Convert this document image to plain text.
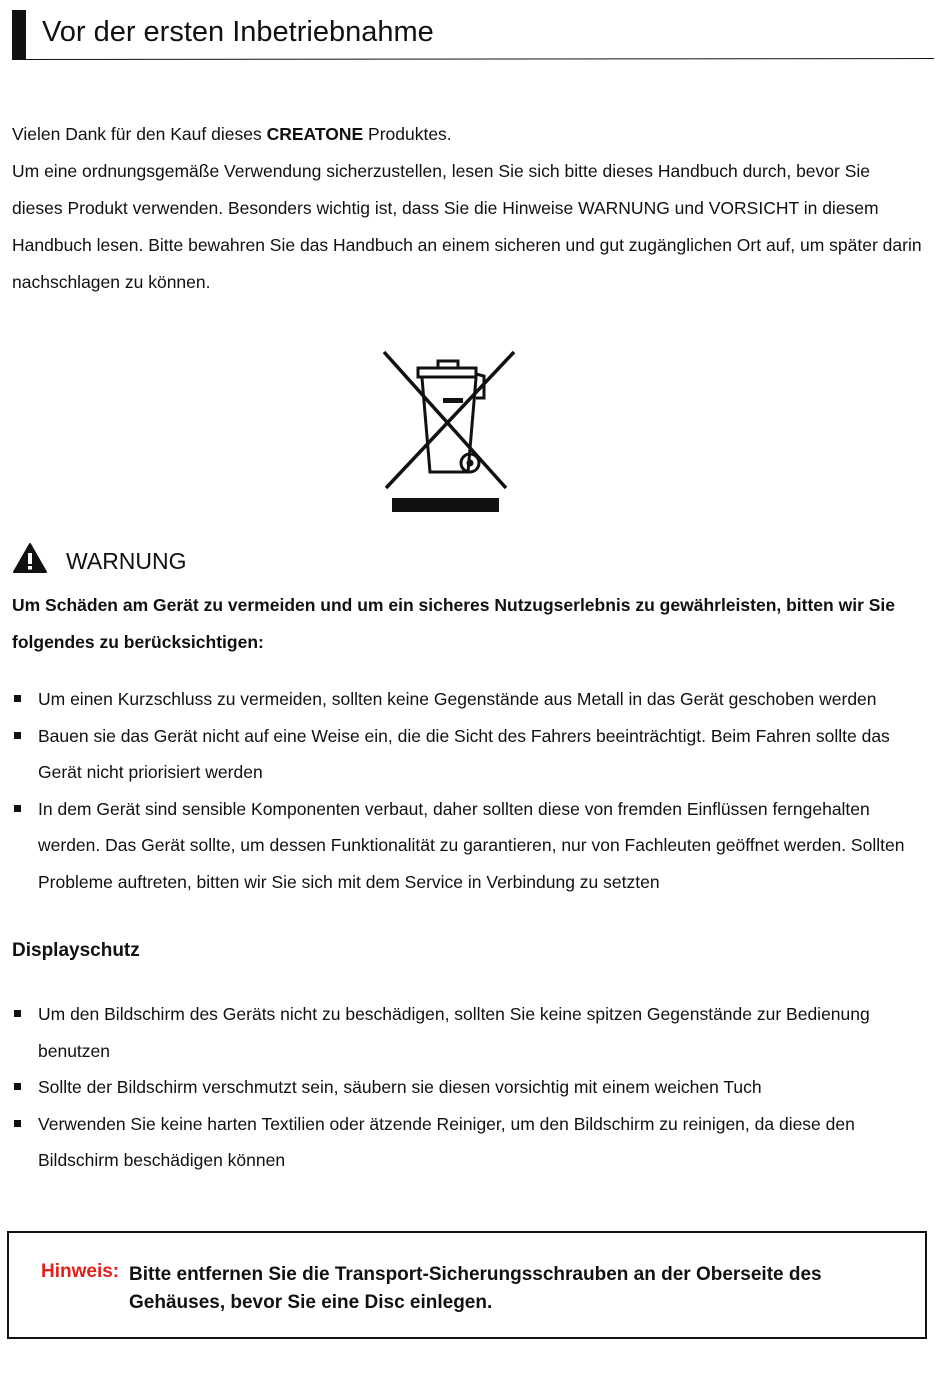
Vor der ersten Inbetriebnahme

Vielen Dank für den Kauf dieses CREATONE Produktes.

Um eine ordnungsgemäße Verwendung sicherzustellen, lesen Sie sich bitte dieses Handbuch durch, bevor Sie dieses Produkt verwenden. Besonders wichtig ist, dass Sie die Hinweise WARNUNG und VORSICHT in diesem Handbuch lesen. Bitte bewahren Sie das Handbuch an einem sicheren und gut zugänglichen Ort auf, um später darin nachschlagen zu können.

WARNUNG
Um Schäden am Gerät zu vermeiden und um ein sicheres Nutzugserlebnis zu gewährleisten, bitten wir Sie folgendes zu berücksichtigen:
Um einen Kurzschluss zu vermeiden, sollten keine Gegenstände aus Metall in das Gerät geschoben werden
Bauen sie das Gerät nicht auf eine Weise ein, die die Sicht des Fahrers beeinträchtigt. Beim Fahren sollte das Gerät nicht priorisiert werden
In dem Gerät sind sensible Komponenten verbaut, daher sollten diese von fremden Einflüssen ferngehalten werden. Das Gerät sollte, um dessen Funktionalität zu garantieren, nur von Fachleuten geöffnet werden. Sollten Probleme auftreten, bitten wir Sie sich mit dem Service in Verbindung zu setzten
Displayschutz
Um den Bildschirm des Geräts nicht zu beschädigen, sollten Sie keine spitzen Gegenstände zur Bedienung benutzen
Sollte der Bildschirm verschmutzt sein, säubern sie diesen vorsichtig mit einem weichen Tuch
Verwenden Sie keine harten Textilien oder ätzende Reiniger, um den Bildschirm zu reinigen, da diese den Bildschirm beschädigen können
Hinweis: Bitte entfernen Sie die Transport-Sicherungsschrauben an der Oberseite des Gehäuses, bevor Sie eine Disc einlegen.
